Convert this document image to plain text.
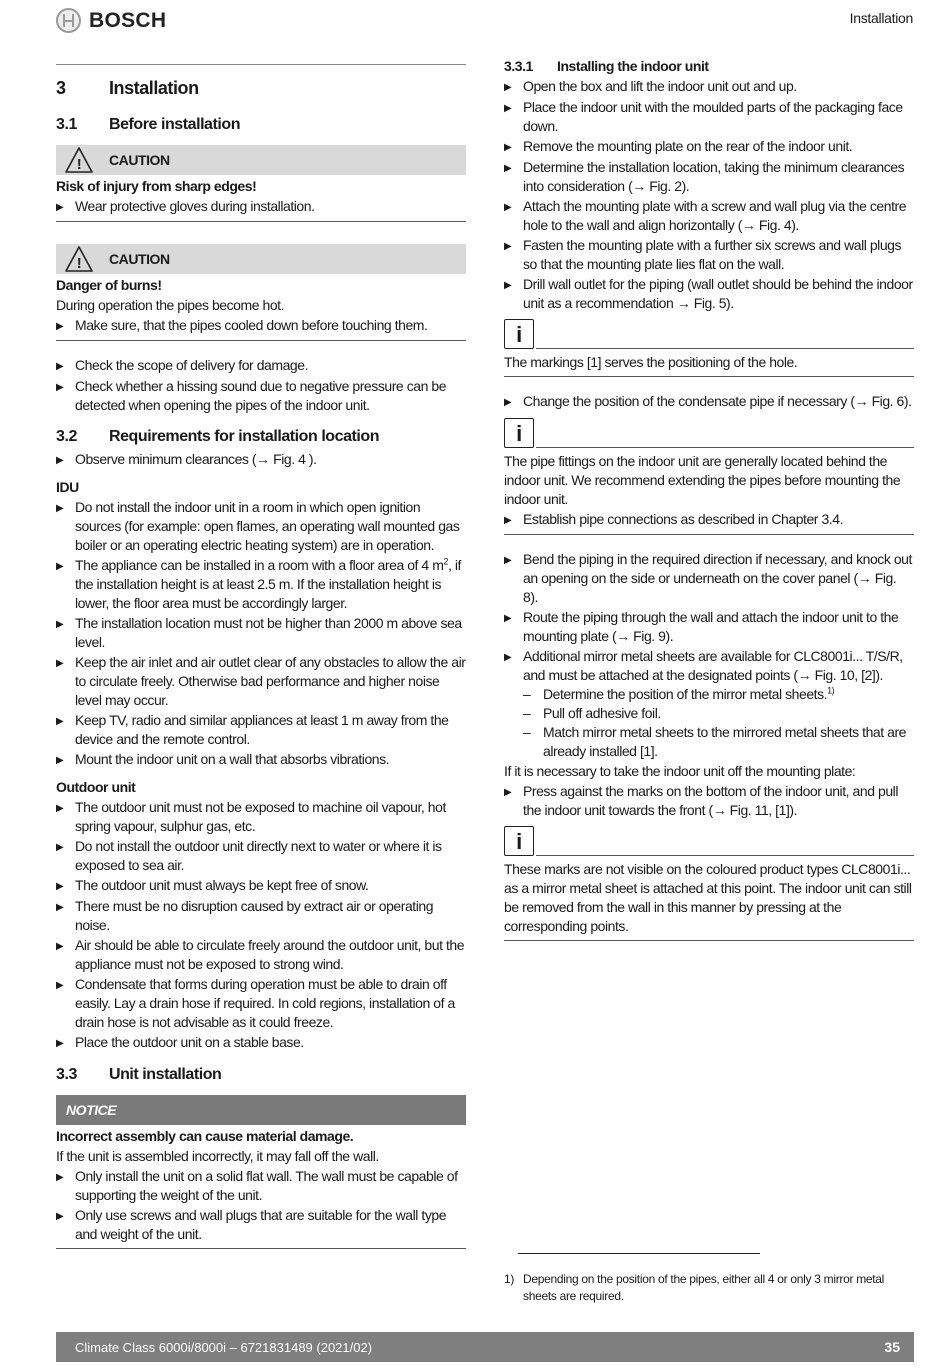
BOSCH	Installation
3	Installation
3.1	Before installation
! CAUTION
Risk of injury from sharp edges!
▶ Wear protective gloves during installation.
! CAUTION
Danger of burns!
During operation the pipes become hot.
▶ Make sure, that the pipes cooled down before touching them.
▶ Check the scope of delivery for damage.
▶ Check whether a hissing sound due to negative pressure can be detected when opening the pipes of the indoor unit.
3.2	Requirements for installation location
▶ Observe minimum clearances (→ Fig. 4 ).
IDU
▶ Do not install the indoor unit in a room in which open ignition sources (for example: open flames, an operating wall mounted gas boiler or an operating electric heating system) are in operation.
▶ The appliance can be installed in a room with a floor area of 4 $m^2$, if the installation height is at least 2.5 m. If the installation height is lower, the floor area must be accordingly larger.
▶ The installation location must not be higher than 2000 m above sea level.
▶ Keep the air inlet and air outlet clear of any obstacles to allow the air to circulate freely. Otherwise bad performance and higher noise level may occur.
▶ Keep TV, radio and similar appliances at least 1 m away from the device and the remote control.
▶ Mount the indoor unit on a wall that absorbs vibrations.
Outdoor unit
▶ The outdoor unit must not be exposed to machine oil vapour, hot spring vapour, sulphur gas, etc.
▶ Do not install the outdoor unit directly next to water or where it is exposed to sea air.
▶ The outdoor unit must always be kept free of snow.
▶ There must be no disruption caused by extract air or operating noise.
▶ Air should be able to circulate freely around the outdoor unit, but the appliance must not be exposed to strong wind.
▶ Condensate that forms during operation must be able to drain off easily. Lay a drain hose if required. In cold regions, installation of a drain hose is not advisable as it could freeze.
▶ Place the outdoor unit on a stable base.
3.3	Unit installation
NOTICE
Incorrect assembly can cause material damage.
If the unit is assembled incorrectly, it may fall off the wall.
▶ Only install the unit on a solid flat wall. The wall must be capable of supporting the weight of the unit.
▶ Only use screws and wall plugs that are suitable for the wall type and weight of the unit.
3.3.1	Installing the indoor unit
▶ Open the box and lift the indoor unit out and up.
▶ Place the indoor unit with the moulded parts of the packaging face down.
▶ Remove the mounting plate on the rear of the indoor unit.
▶ Determine the installation location, taking the minimum clearances into consideration (→ Fig. 2).
▶ Attach the mounting plate with a screw and wall plug via the centre hole to the wall and align horizontally (→ Fig. 4).
▶ Fasten the mounting plate with a further six screws and wall plugs so that the mounting plate lies flat on the wall.
▶ Drill wall outlet for the piping (wall outlet should be behind the indoor unit as a recommendation → Fig. 5).
i
The markings [1] serves the positioning of the hole.
▶ Change the position of the condensate pipe if necessary (→ Fig. 6).
i
The pipe fittings on the indoor unit are generally located behind the indoor unit. We recommend extending the pipes before mounting the indoor unit.
▶ Establish pipe connections as described in Chapter 3.4.
▶ Bend the piping in the required direction if necessary, and knock out an opening on the side or underneath on the cover panel (→ Fig. 8).
▶ Route the piping through the wall and attach the indoor unit to the mounting plate (→ Fig. 9).
▶ Additional mirror metal sheets are available for CLC8001i... T/S/R, and must be attached at the designated points (→ Fig. 10, [2]).
– Determine the position of the mirror metal sheets.$^{1)}$
– Pull off adhesive foil.
– Match mirror metal sheets to the mirrored metal sheets that are already installed [1].
If it is necessary to take the indoor unit off the mounting plate:
▶ Press against the marks on the bottom of the indoor unit, and pull the indoor unit towards the front (→ Fig. 11, [1]).
i
These marks are not visible on the coloured product types CLC8001i... as a mirror metal sheet is attached at this point. The indoor unit can still be removed from the wall in this manner by pressing at the corresponding points.
1) Depending on the position of the pipes, either all 4 or only 3 mirror metal sheets are required.
Climate Class 6000i/8000i – 6721831489 (2021/02)	35
